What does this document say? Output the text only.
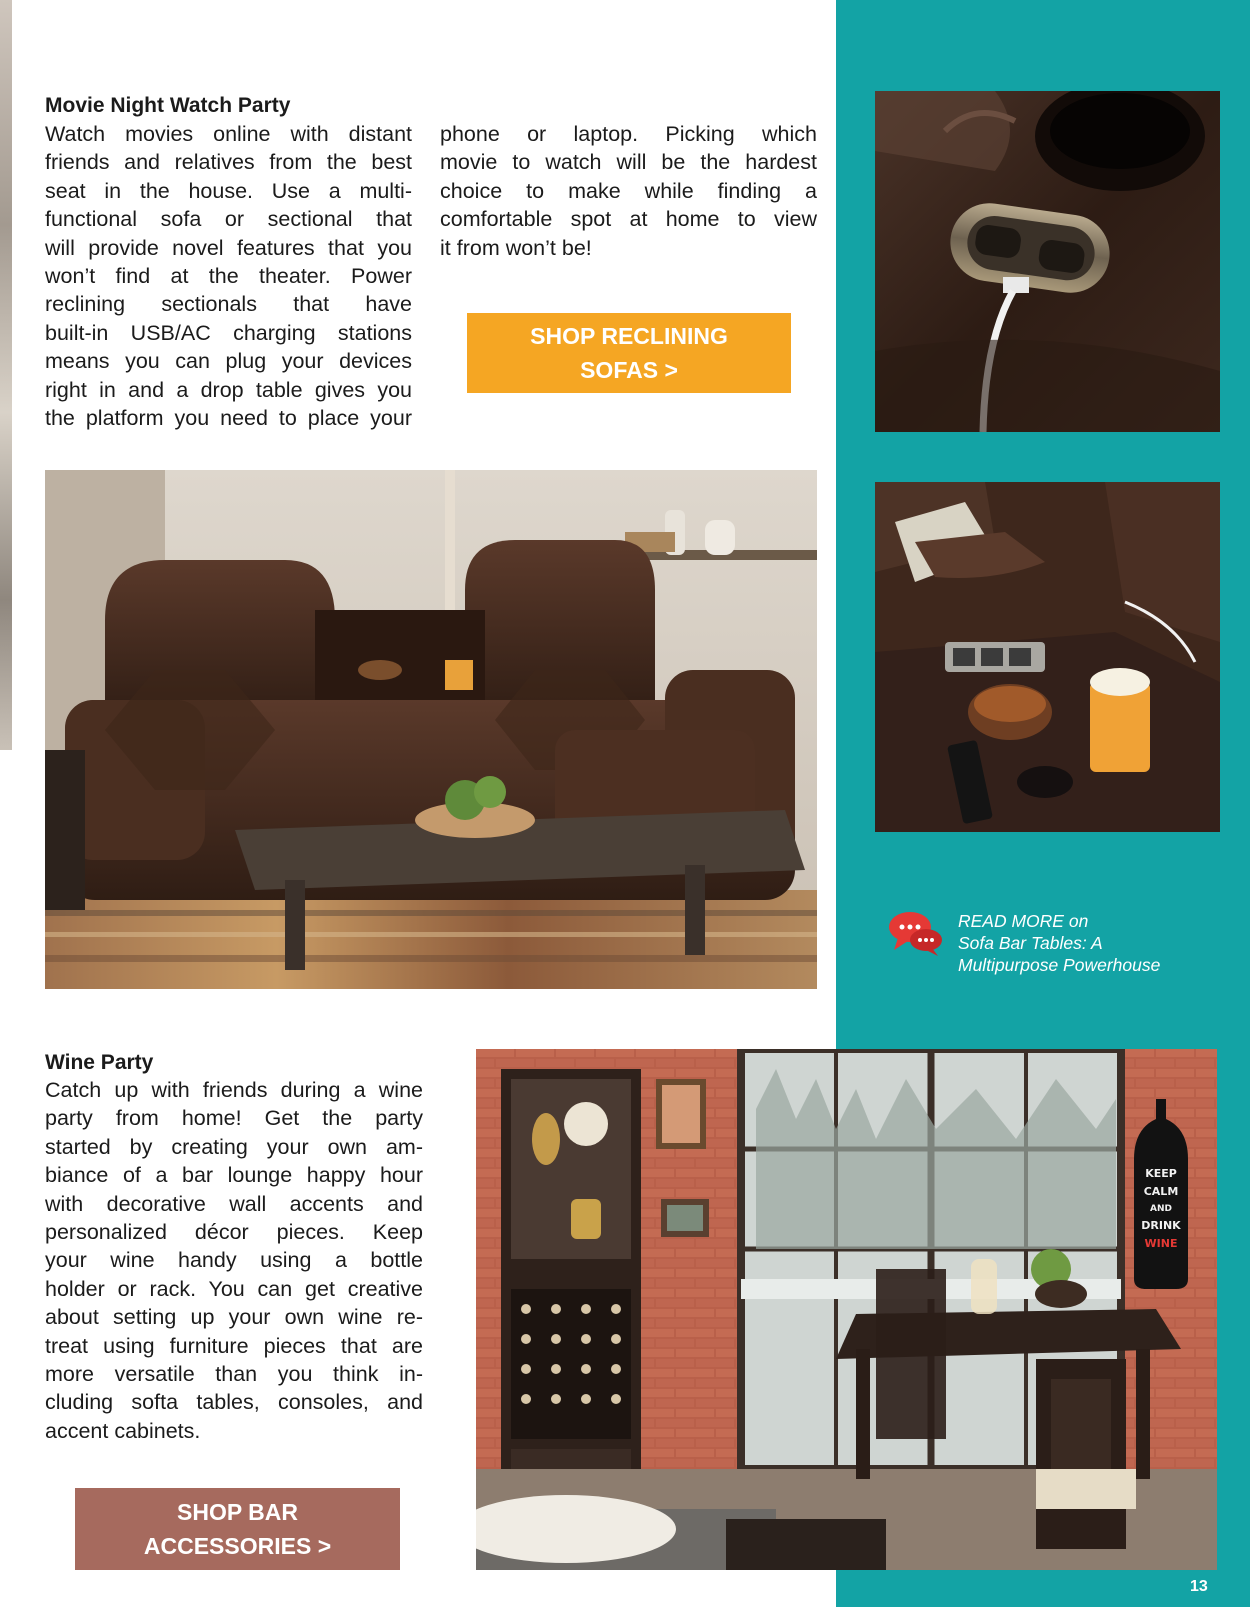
Movie Night Watch Party
Watch movies online with distant
friends and relatives from the best
seat in the house. Use a multi-
functional sofa or sectional that
will provide novel features that you
won’t find at the theater. Power
reclining sectionals that have
built-in USB/AC charging stations
means you can plug your devices
right in and a drop table gives you
the platform you need to place your
phone or laptop. Picking which
movie to watch will be the hardest
choice to make while finding a
comfortable spot at home to view
it from won’t be!
SHOP RECLINING
SOFAS >
READ MORE on
Sofa Bar Tables: A
Multipurpose Powerhouse
Wine Party
Catch up with friends during a wine
party from home! Get the party
started by creating your own am-
biance of a bar lounge happy hour
with decorative wall accents and
personalized décor pieces. Keep
your wine handy using a bottle
holder or rack. You can get creative
about setting up your own wine re-
treat using furniture pieces that are
more versatile than you think in-
cluding softa tables, consoles, and
accent cabinets.
SHOP BAR
ACCESSORIES >
KEEP
CALM
AND
DRINK
WINE
13
